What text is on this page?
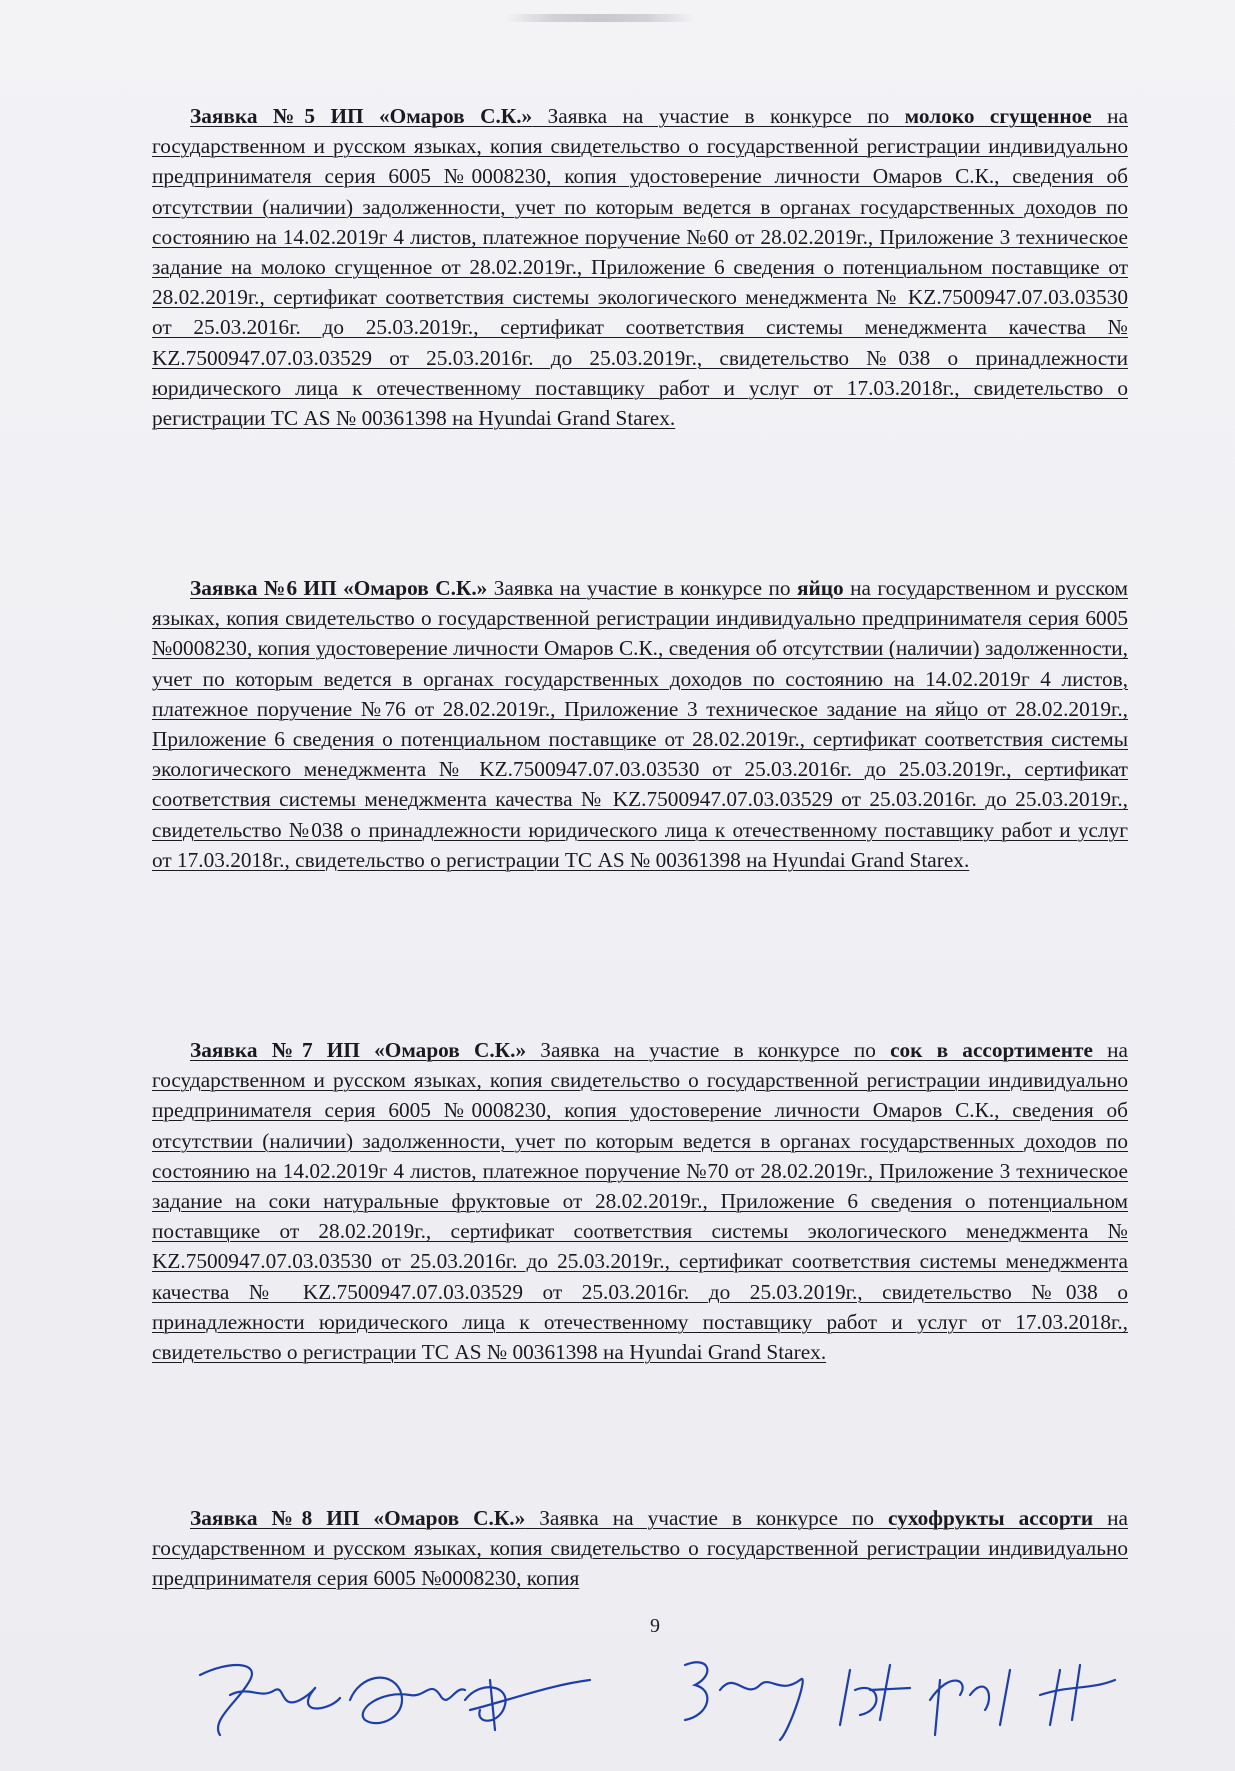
Заявка №5 ИП «Омаров С.К.» Заявка на участие в конкурсе по молоко сгущенное на государственном и русском языках, копия свидетельство о государственной регистрации индивидуально предпринимателя серия 6005 №0008230, копия удостоверение личности Омаров С.К., сведения об отсутствии (наличии) задолженности, учет по которым ведется в органах государственных доходов по состоянию на 14.02.2019г 4 листов, платежное поручение №60 от 28.02.2019г., Приложение 3 техническое задание на молоко сгущенное от 28.02.2019г., Приложение 6 сведения о потенциальном поставщике от 28.02.2019г., сертификат соответствия системы экологического менеджмента № KZ.7500947.07.03.03530 от 25.03.2016г. до 25.03.2019г., сертификат соответствия системы менеджмента качества № KZ.7500947.07.03.03529 от 25.03.2016г. до 25.03.2019г., свидетельство №038 о принадлежности юридического лица к отечественному поставщику работ и услуг от 17.03.2018г., свидетельство о регистрации ТС AS № 00361398 на Hyundai Grand Starex.
Заявка №6 ИП «Омаров С.К.» Заявка на участие в конкурсе по яйцо на государственном и русском языках, копия свидетельство о государственной регистрации индивидуально предпринимателя серия 6005 №0008230, копия удостоверение личности Омаров С.К., сведения об отсутствии (наличии) задолженности, учет по которым ведется в органах государственных доходов по состоянию на 14.02.2019г 4 листов, платежное поручение №76 от 28.02.2019г., Приложение 3 техническое задание на яйцо от 28.02.2019г., Приложение 6 сведения о потенциальном поставщике от 28.02.2019г., сертификат соответствия системы экологического менеджмента № KZ.7500947.07.03.03530 от 25.03.2016г. до 25.03.2019г., сертификат соответствия системы менеджмента качества № KZ.7500947.07.03.03529 от 25.03.2016г. до 25.03.2019г., свидетельство №038 о принадлежности юридического лица к отечественному поставщику работ и услуг от 17.03.2018г., свидетельство о регистрации ТС AS № 00361398 на Hyundai Grand Starex.
Заявка №7 ИП «Омаров С.К.» Заявка на участие в конкурсе по сок в ассортименте на государственном и русском языках, копия свидетельство о государственной регистрации индивидуально предпринимателя серия 6005 №0008230, копия удостоверение личности Омаров С.К., сведения об отсутствии (наличии) задолженности, учет по которым ведется в органах государственных доходов по состоянию на 14.02.2019г 4 листов, платежное поручение №70 от 28.02.2019г., Приложение 3 техническое задание на соки натуральные фруктовые от 28.02.2019г., Приложение 6 сведения о потенциальном поставщике от 28.02.2019г., сертификат соответствия системы экологического менеджмента № KZ.7500947.07.03.03530 от 25.03.2016г. до 25.03.2019г., сертификат соответствия системы менеджмента качества № KZ.7500947.07.03.03529 от 25.03.2016г. до 25.03.2019г., свидетельство №038 о принадлежности юридического лица к отечественному поставщику работ и услуг от 17.03.2018г., свидетельство о регистрации ТС AS № 00361398 на Hyundai Grand Starex.
Заявка №8 ИП «Омаров С.К.» Заявка на участие в конкурсе по сухофрукты ассорти на государственном и русском языках, копия свидетельство о государственной регистрации индивидуально предпринимателя серия 6005 №0008230, копия
9
